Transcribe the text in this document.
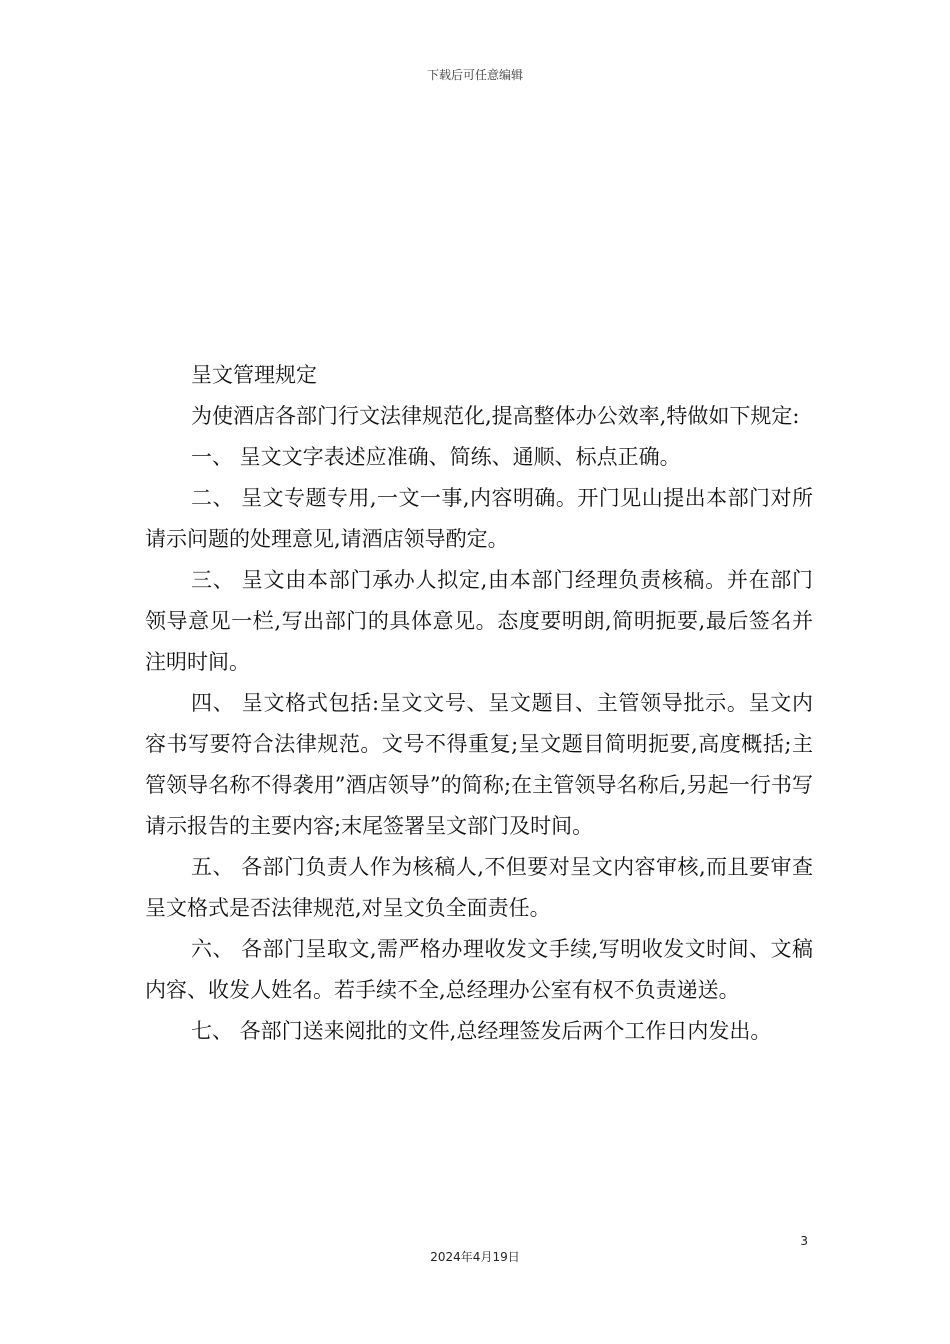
下载后可任意编辑

呈文管理规定

为使酒店各部门行文法律规范化,提高整体办公效率,特做如下规定:

一、 呈文文字表述应准确、简练、通顺、标点正确。

二、 呈文专题专用,一文一事,内容明确。开门见山提出本部门对所请示问题的处理意见,请酒店领导酌定。

三、 呈文由本部门承办人拟定,由本部门经理负责核稿。并在部门领导意见一栏,写出部门的具体意见。态度要明朗,简明扼要,最后签名并注明时间。

四、 呈文格式包括:呈文文号、呈文题目、主管领导批示。呈文内容书写要符合法律规范。文号不得重复;呈文题目简明扼要,高度概括;主管领导名称不得袭用”酒店领导”的简称;在主管领导名称后,另起一行书写请示报告的主要内容;末尾签署呈文部门及时间。

五、 各部门负责人作为核稿人,不但要对呈文内容审核,而且要审查呈文格式是否法律规范,对呈文负全面责任。

六、 各部门呈取文,需严格办理收发文手续,写明收发文时间、文稿内容、收发人姓名。若手续不全,总经理办公室有权不负责递送。

七、 各部门送来阅批的文件,总经理签发后两个工作日内发出。

3
2024年4月19日
